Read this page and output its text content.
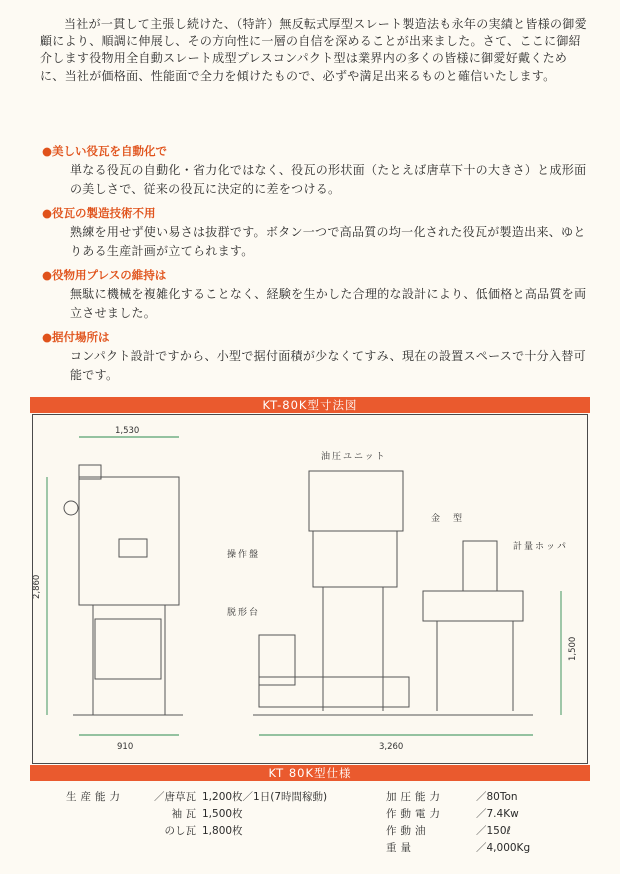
当社が一貫して主張し続けた、（特許）無反転式厚型スレート製造法も永年の実績と皆様の御愛顧により、順調に伸展し、その方向性に一層の自信を深めることが出来ました。さて、ここに御紹介します役物用全自動スレート成型プレスコンパクト型は業界内の多くの皆様に御愛好戴くために、当社が価格面、性能面で全力を傾けたもので、必ずや満足出来るものと確信いたします。

●美しい役瓦を自動化で

単なる役瓦の自動化・省力化ではなく、役瓦の形状面（たとえば唐草下十の大きさ）と成形面の美しさで、従来の役瓦に決定的に差をつける。

●役瓦の製造技術不用

熟練を用せず使い易さは抜群です。ボタン一つで高品質の均一化された役瓦が製造出来、ゆとりある生産計画が立てられます。

●役物用プレスの維持は

無駄に機械を複雑化することなく、経験を生かした合理的な設計により、低価格と高品質を両立させました。

●据付場所は

コンパクト設計ですから、小型で据付面積が少なくてすみ、現在の設置スペースで十分入替可能です。

KT-80K型寸法図
1,530
2,860
910	3,260
1,500
油圧ユニット
金　型
操作盤
計量ホッパ
脱形台
KT 80K型仕様
生産能力	／唐草瓦 1,200枚／1日(7時間稼動)
袖 瓦 1,500枚
のし瓦 1,800枚
加圧能力	／80Ton
作動電力	／7.4Kw
作動油	／150ℓ
重量	／4,000Kg
